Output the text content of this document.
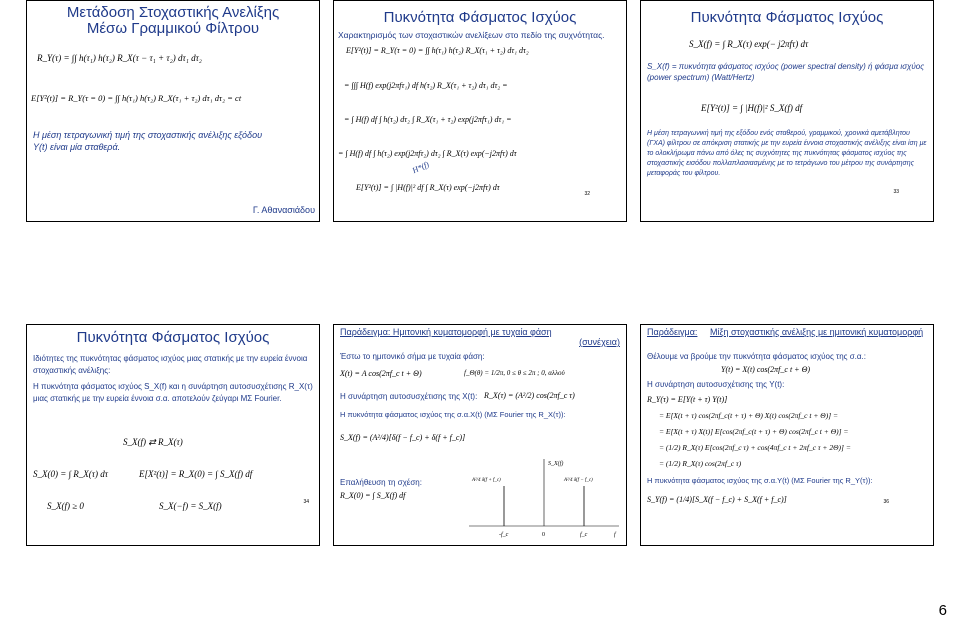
Μετάδοση Στοχαστικής Ανελίξης
Μέσω Γραμμικού Φίλτρου
R_Y(τ) = ∫∫ h(τ₁) h(τ₂) R_X(τ − τ₁ + τ₂) dτ₁ dτ₂
E[Y²(t)] = R_Y(τ = 0) = ∫∫ h(τ₁) h(τ₂) R_X(τ₁ + τ₂) dτ₁ dτ₂ = ct
Η μέση τετραγωνική τιμή της στοχαστικής ανέλιξης εξόδου Y(t) είναι μία σταθερά.
Γ. Αθανασιάδου
Πυκνότητα Φάσματος Ισχύος
Χαρακτηρισμός των στοχαστικών ανελίξεων στο πεδίο της συχνότητας.
E[Y²(t)] = R_Y(τ = 0) = ∫∫ h(τ₁) h(τ₂) R_X(τ₁ + τ₂) dτ₁ dτ₂
= ∫∫∫ H(f) exp(j2πfτ₁) df h(τ₂) R_X(τ₁ + τ₂) dτ₁ dτ₂ =
= ∫ H(f) df ∫ h(τ₂) dτ₂ ∫ R_X(τ₁ + τ₂) exp(j2πfτ₁) dτ₁ =
= ∫ H(f) df ∫ h(τ₂) exp(j2πfτ₂) dτ₂ ∫ R_X(τ) exp(−j2πfτ) dτ
H*(f)
E[Y²(t)] = ∫ |H(f)|² df ∫ R_X(τ) exp(−j2πfτ) dτ
32
Πυκνότητα Φάσματος Ισχύος
S_X(f) = ∫ R_X(τ) exp(− j2πfτ) dτ
S_X(f) = πυκνότητα φάσματος ισχύος (power spectral density) ή φάσμα ισχύος (power spectrum) (Watt/Hertz)
E[Y²(t)] = ∫ |H(f)|² S_X(f) df
Η μέση τετραγωνική τιμή της εξόδου ενός σταθερού, γραμμικού, χρονικά αμετάβλητου (ΓΧΑ) φίλτρου σε απόκριση στατικής με την ευρεία έννοια στοχαστικής ανέλιξης είναι ίση με το ολοκλήρωμα πάνω από όλες τις συχνότητες της πυκνότητας φάσματος ισχύος της στοχαστικής εισόδου πολλαπλασιασμένης με το τετράγωνο του μέτρου της συνάρτησης μεταφοράς του φίλτρου.
33
Πυκνότητα Φάσματος Ισχύος
Ιδιότητες της πυκνότητας φάσματος ισχύος μιας στατικής με την ευρεία έννοια στοχαστικής ανέλιξης:
Η πυκνότητα φάσματος ισχύος S_X(f) και η συνάρτηση αυτοσυσχέτισης R_X(τ) μιας στατικής με την ευρεία έννοια σ.α. αποτελούν ζεύγαρι ΜΣ Fourier.
S_X(f) ⇄ R_X(τ)
S_X(0) = ∫ R_X(τ) dτ	E[X²(t)] = R_X(0) = ∫ S_X(f) df
S_X(f) ≥ 0	S_X(−f) = S_X(f)	34
Παράδειγμα: Ημιτονική κυματομορφή με τυχαία φάση
(συνέχεια)
Έστω το ημιτονικό σήμα με τυχαία φάση:
X(t) = A cos(2πf_c t + Θ)	f_Θ(θ) = 1/2π, 0 ≤ θ ≤ 2π ; 0, αλλού
Η συνάρτηση αυτοσυσχέτισης της X(t): R_X(τ) = (A²/2) cos(2πf_c τ)
Η πυκνότητα φάσματος ισχύος της σ.α.X(t) (ΜΣ Fourier της R_X(τ)):
S_X(f) = (A²/4)[δ(f − f_c) + δ(f + f_c)]
Επαλήθευση τη σχέση:
R_X(0) = ∫ S_X(f) df
S_X(f)
f
-f_c	0	f_c
A²/4 δ(f + f_c)	A²/4 δ(f − f_c)
Παράδειγμα: Μίξη στοχαστικής ανέλιξης με ημιτονική κυματομορφή
Θέλουμε να βρούμε την πυκνότητα φάσματος ισχύος της σ.α.:
Y(t) = X(t) cos(2πf_c t + Θ)
Η συνάρτηση αυτοσυσχέτισης της Y(t):
R_Y(τ) = E[Y(t + τ) Y(t)]
= E[X(t + τ) cos(2πf_c(t + τ) + Θ) X(t) cos(2πf_c t + Θ)] =
= E[X(t + τ) X(t)] E[cos(2πf_c(t + τ) + Θ) cos(2πf_c t + Θ)] =
= (1/2) R_X(τ) E[cos(2πf_c τ) + cos(4πf_c t + 2πf_c τ + 2Θ)] =
= (1/2) R_X(τ) cos(2πf_c τ)
Η πυκνότητα φάσματος ισχύος της σ.α.Y(t) (ΜΣ Fourier της R_Y(τ)):
S_Y(f) = (1/4)[S_X(f − f_c) + S_X(f + f_c)]	36
6
